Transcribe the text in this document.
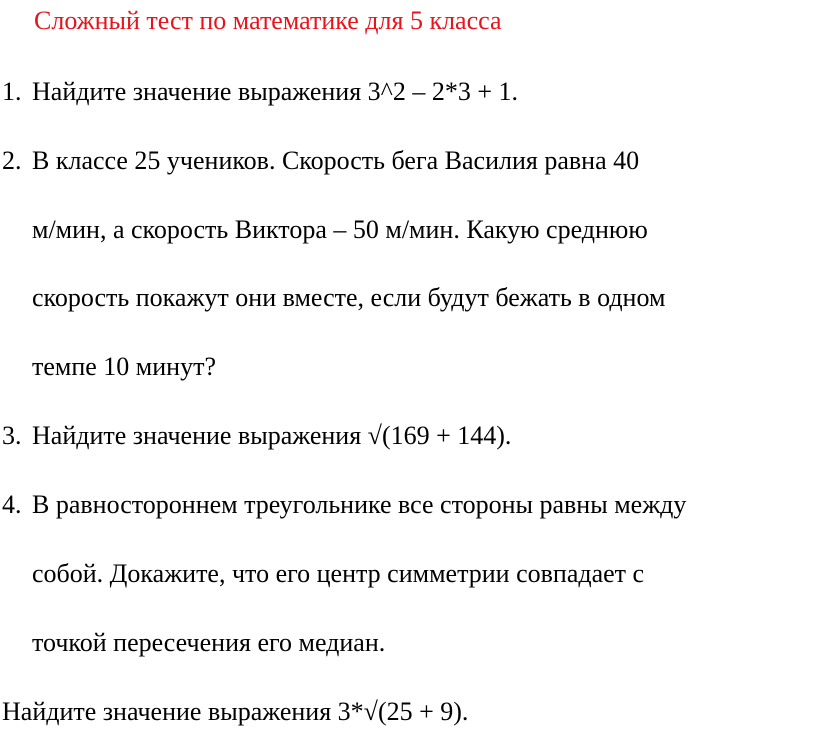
Сложный тест по математике для 5 класса
1. Найдите значение выражения 3^2 – 2*3 + 1.
2. В классе 25 учеников. Скорость бега Василия равна 40
м/мин, а скорость Виктора – 50 м/мин. Какую среднюю
скорость покажут они вместе, если будут бежать в одном
темпе 10 минут?
3. Найдите значение выражения √(169 + 144).
4. В равностороннем треугольнике все стороны равны между
собой. Докажите, что его центр симметрии совпадает с
точкой пересечения его медиан.
Найдите значение выражения 3*√(25 + 9).
